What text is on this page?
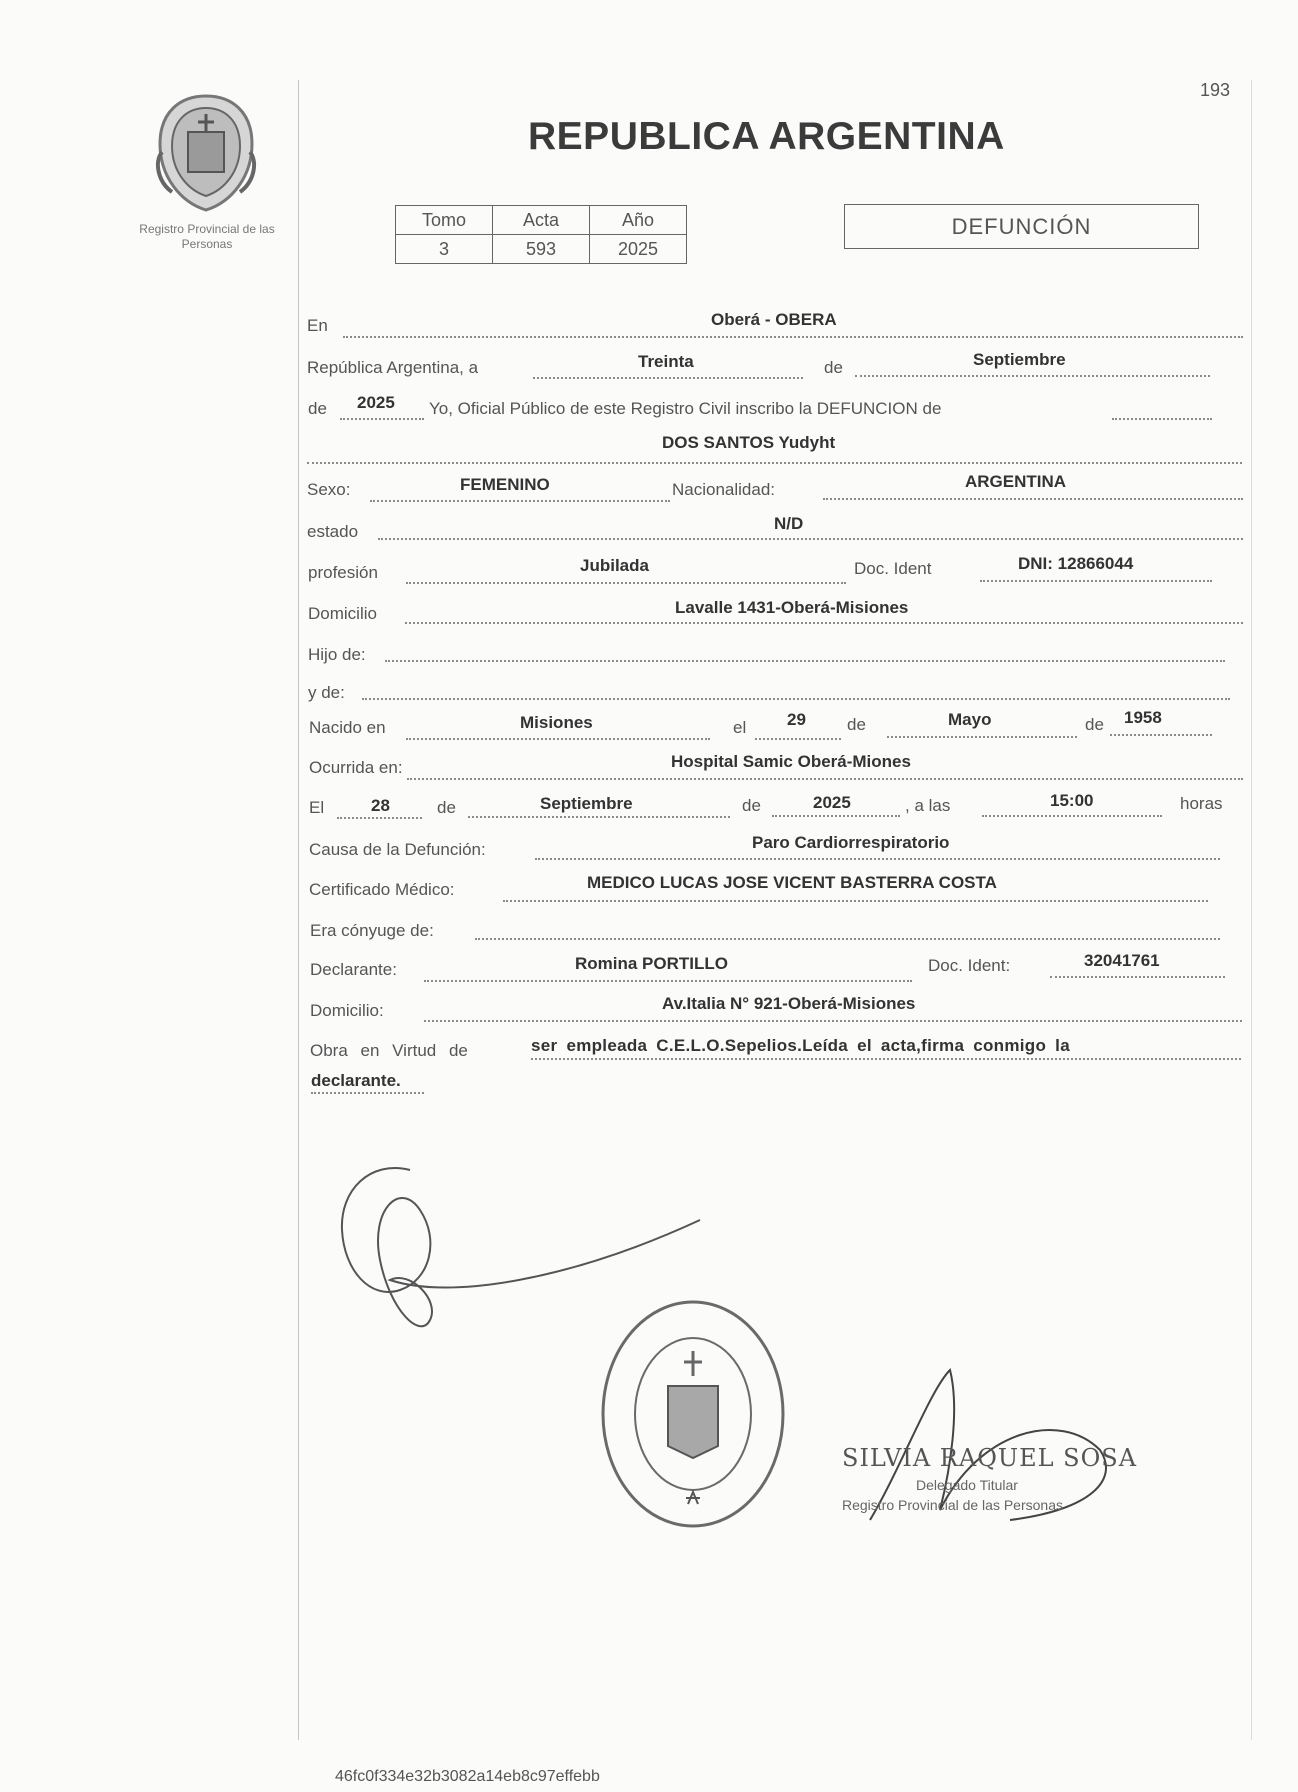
193
Registro Provincial de las Personas
REPUBLICA ARGENTINA
Tomo	Acta	Año
3	593	2025
DEFUNCIÓN
En	Oberá - OBERA
República Argentina, a	Treinta	de	Septiembre
de 2025 Yo, Oficial Público de este Registro Civil inscribo la DEFUNCION de
DOS SANTOS Yudyht
Sexo:	FEMENINO	Nacionalidad:	ARGENTINA
estado	N/D
profesión	Jubilada	Doc. Ident	DNI: 12866044
Domicilio	Lavalle 1431-Oberá-Misiones
Hijo de:
y de:
Nacido en	Misiones	el 29 de	Mayo	de 1958
Ocurrida en:	Hospital Samic Oberá-Miones
El	28	de	Septiembre	de	2025	, a las	15:00	horas
Causa de la Defunción:	Paro Cardiorrespiratorio
Certificado Médico:	MEDICO LUCAS JOSE VICENT BASTERRA COSTA
Era cónyuge de:
Declarante:	Romina PORTILLO	Doc. Ident:	32041761
Domicilio:	Av.Italia N° 921-Oberá-Misiones
Obra en Virtud de	ser empleada C.E.L.O.Sepelios.Leída el acta,firma conmigo la
declarante.
SILVIA RAQUEL SOSA
Delegado Titular
Registro Provincial de las Personas
46fc0f334e32b3082a14eb8c97effebb
